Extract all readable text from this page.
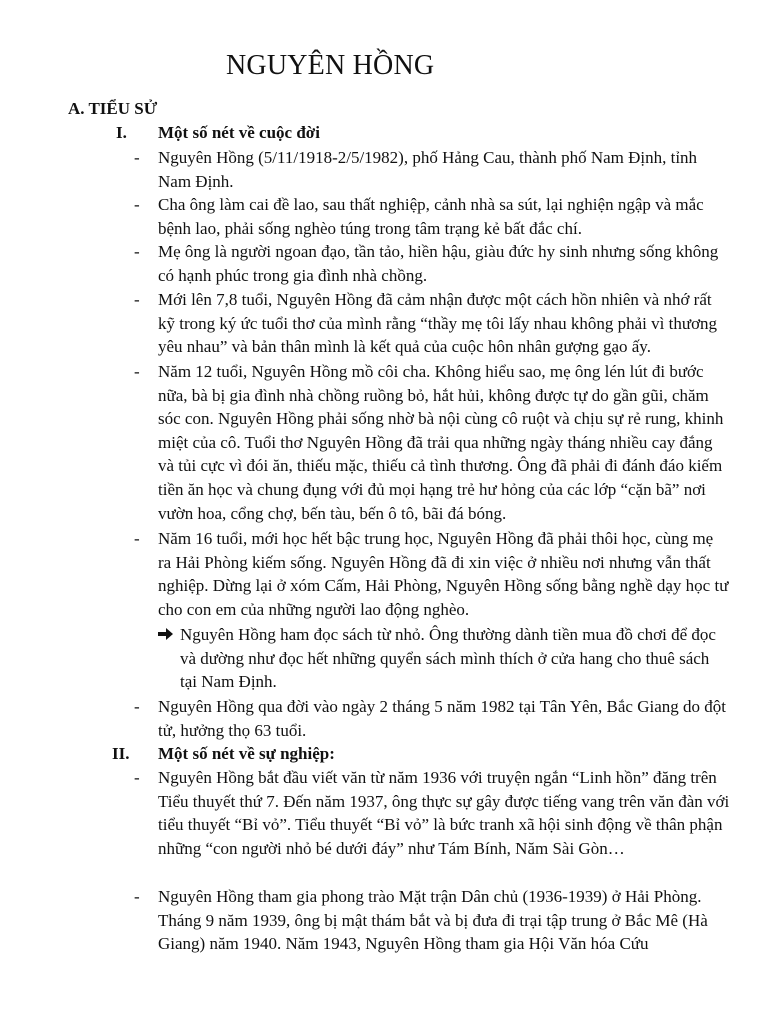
NGUYÊN HỒNG
A. TIỂU SỬ
I. Một số nét về cuộc đời
- Nguyên Hồng (5/11/1918-2/5/1982), phố Hảng Cau, thành phố Nam Định, tỉnh Nam Định.
- Cha ông làm cai đề lao, sau thất nghiệp, cảnh nhà sa sút, lại nghiện ngập và mắc bệnh lao, phải sống nghèo túng trong tâm trạng kẻ bất đắc chí.
- Mẹ ông là người ngoan đạo, tần tảo, hiền hậu, giàu đức hy sinh nhưng sống không có hạnh phúc trong gia đình nhà chồng.
- Mới lên 7,8 tuổi, Nguyên Hồng đã cảm nhận được một cách hồn nhiên và nhớ rất kỹ trong ký ức tuổi thơ của mình rằng “thầy mẹ tôi lấy nhau không phải vì thương yêu nhau” và bản thân mình là kết quả của cuộc hôn nhân gượng gạo ấy.
- Năm 12 tuổi, Nguyên Hồng mồ côi cha. Không hiểu sao, mẹ ông lén lút đi bước nữa, bà bị gia đình nhà chồng ruồng bỏ, hắt hủi, không được tự do gần gũi, chăm sóc con. Nguyên Hồng phải sống nhờ bà nội cùng cô ruột và chịu sự rẻ rung, khinh miệt của cô. Tuổi thơ Nguyên Hồng đã trải qua những ngày tháng nhiều cay đắng và tủi cực vì đói ăn, thiếu mặc, thiếu cả tình thương. Ông đã phải đi đánh đáo kiếm tiền ăn học và chung đụng với đủ mọi hạng trẻ hư hỏng của các lớp “cặn bã” nơi vườn hoa, cổng chợ, bến tàu, bến ô tô, bãi đá bóng.
- Năm 16 tuổi, mới học hết bậc trung học, Nguyên Hồng đã phải thôi học, cùng mẹ ra Hải Phòng kiếm sống. Nguyên Hồng đã đi xin việc ở nhiều nơi nhưng vẫn thất nghiệp. Dừng lại ở xóm Cấm, Hải Phòng, Nguyên Hồng sống bằng nghề dạy học tư cho con em của những người lao động nghèo.
Nguyên Hồng ham đọc sách từ nhỏ. Ông thường dành tiền mua đồ chơi để đọc và dường như đọc hết những quyển sách mình thích ở cửa hang cho thuê sách tại Nam Định.
- Nguyên Hồng qua đời vào ngày 2 tháng 5 năm 1982 tại Tân Yên, Bắc Giang do đột tử, hưởng thọ 63 tuổi.
II. Một số nét về sự nghiệp:
- Nguyên Hồng bắt đầu viết văn từ năm 1936 với truyện ngắn “Linh hồn” đăng trên Tiểu thuyết thứ 7. Đến năm 1937, ông thực sự gây được tiếng vang trên văn đàn với tiểu thuyết “Bỉ vỏ”. Tiểu thuyết “Bỉ vỏ” là bức tranh xã hội sinh động về thân phận những “con người nhỏ bé dưới đáy” như Tám Bính, Năm Sài Gòn…
- Nguyên Hồng tham gia phong trào Mặt trận Dân chủ (1936-1939) ở Hải Phòng. Tháng 9 năm 1939, ông bị mật thám bắt và bị đưa đi trại tập trung ở Bắc Mê (Hà Giang) năm 1940. Năm 1943, Nguyên Hồng tham gia Hội Văn hóa Cứu
